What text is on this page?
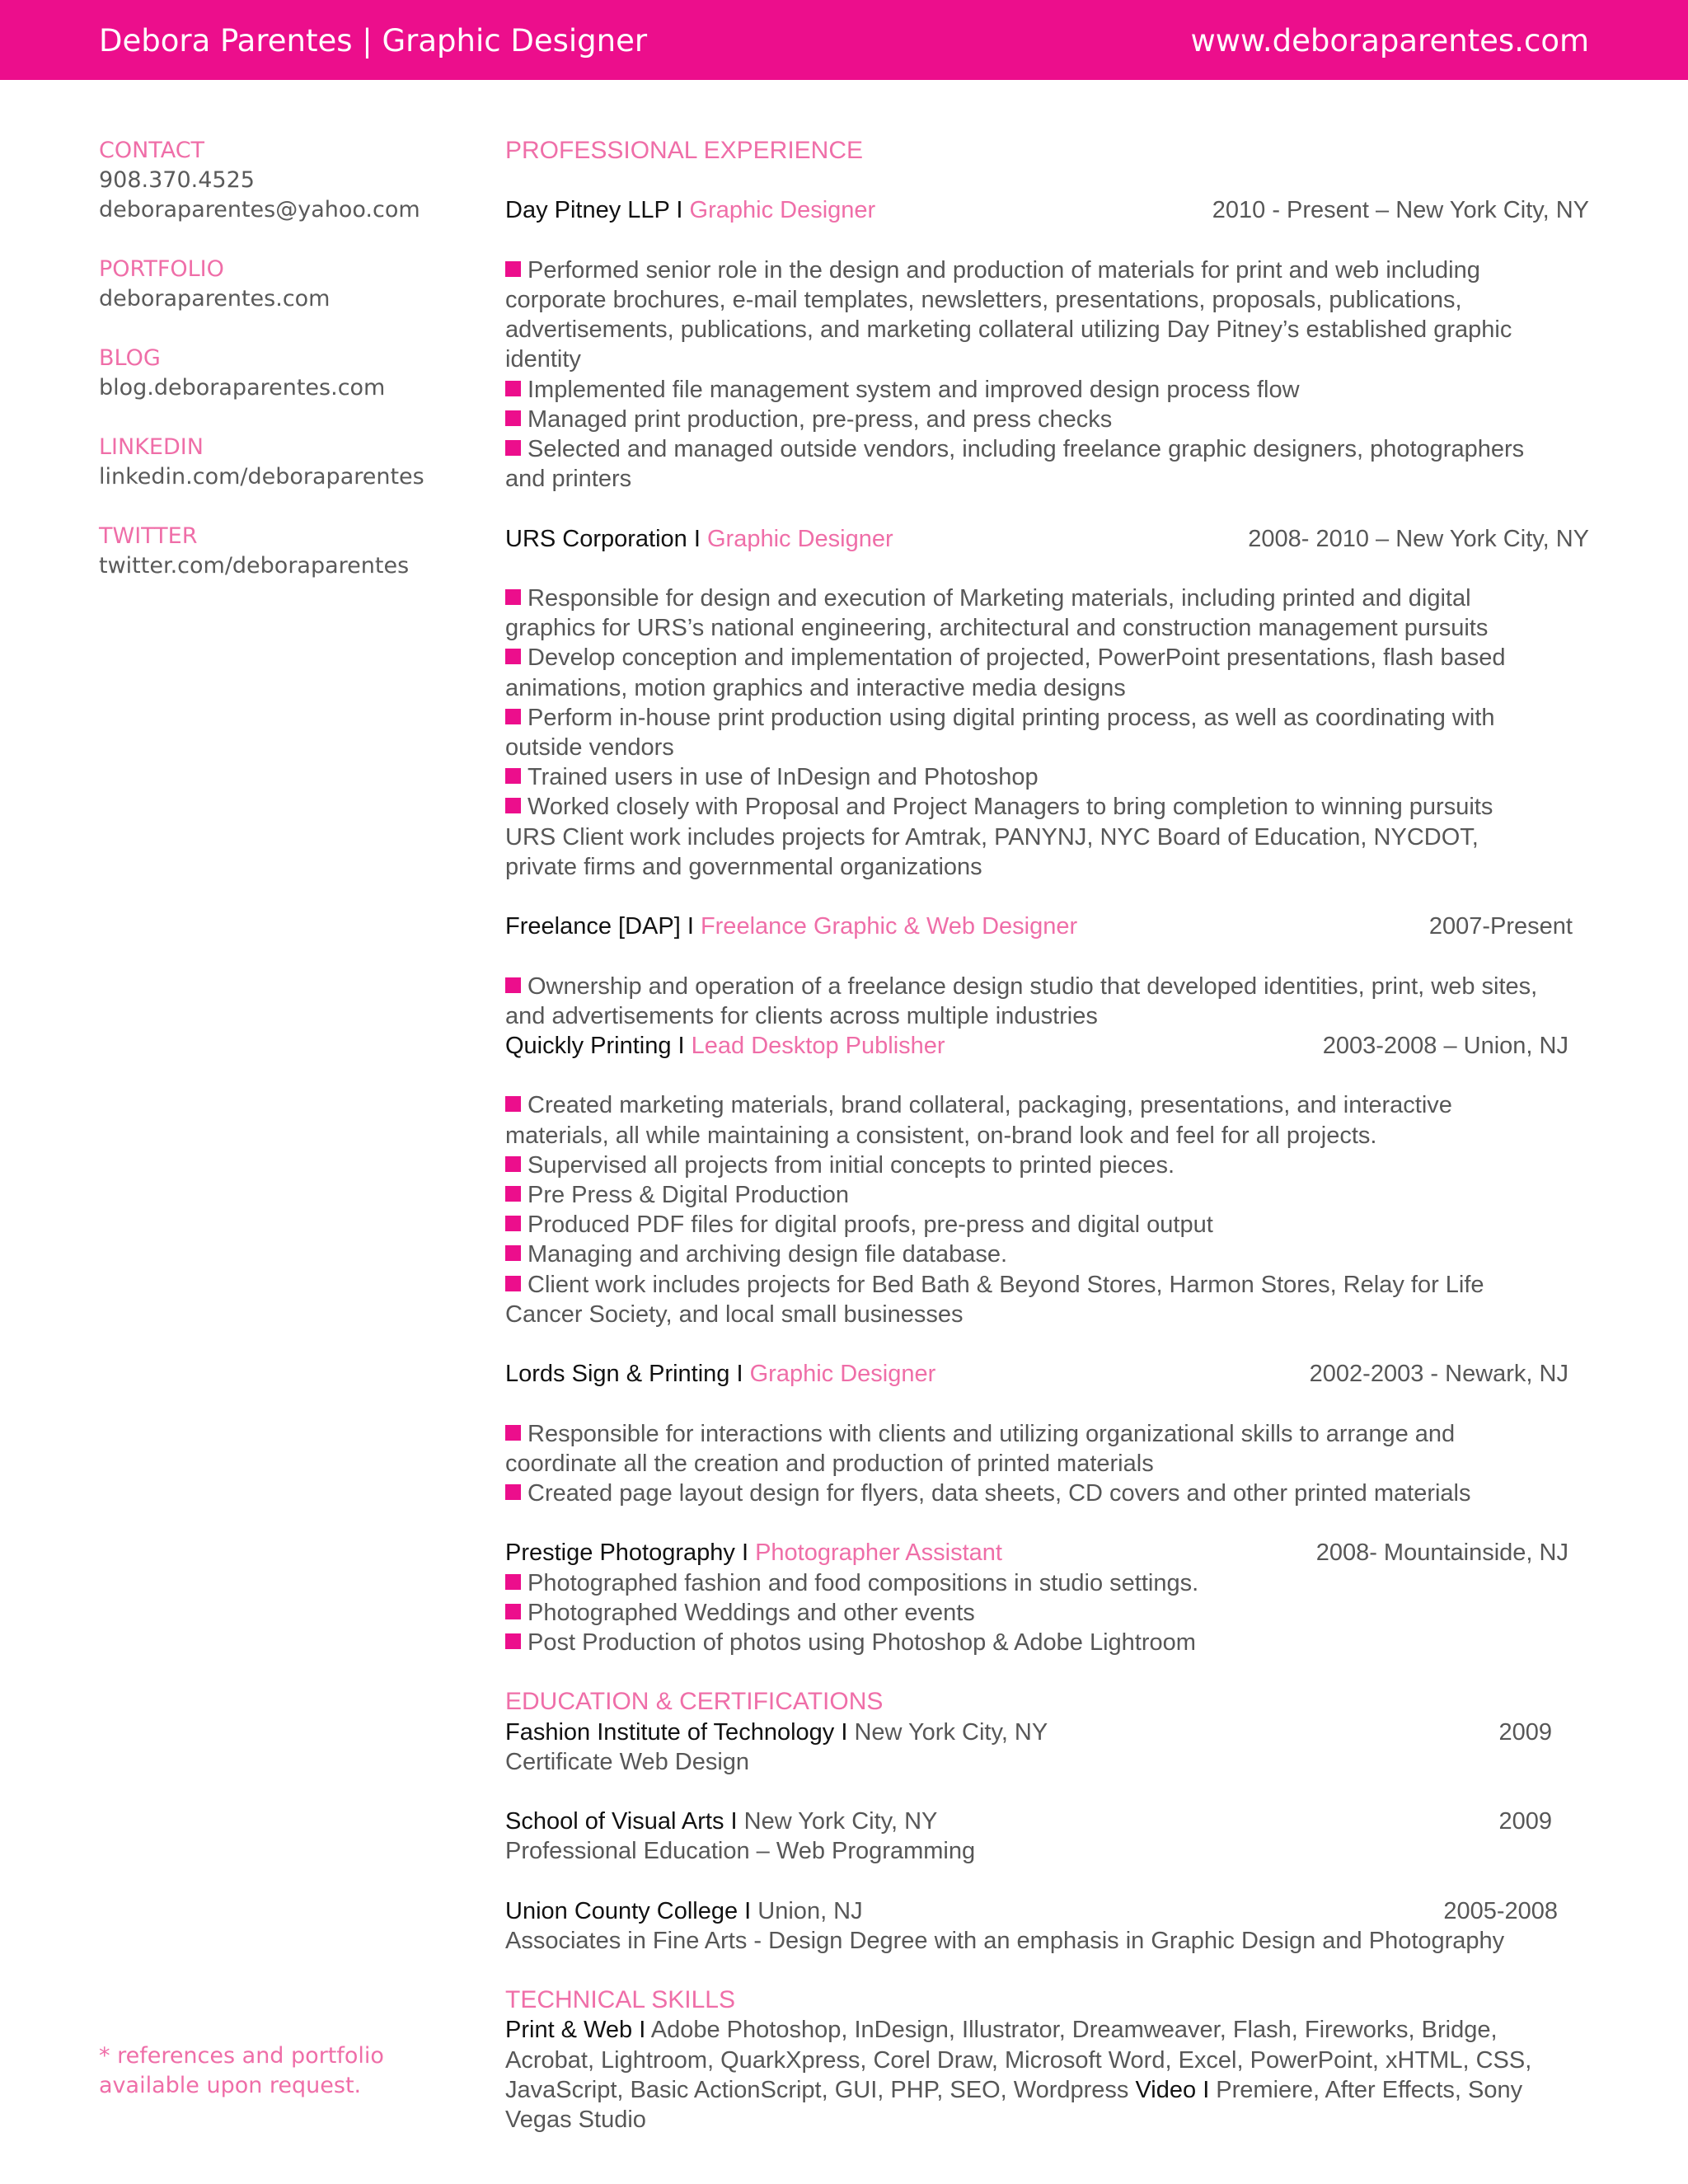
Debora Parentes | Graphic Designer	www.deboraparentes.com
CONTACT
908.370.4525
deboraparentes@yahoo.com
PORTFOLIO
deboraparentes.com
BLOG
blog.deboraparentes.com
LINKEDIN
linkedin.com/deboraparentes
TWITTER
twitter.com/deboraparentes
* references and portfolio
available upon request.
PROFESSIONAL EXPERIENCE
Day Pitney LLP I Graphic Designer	2010 - Present – New York City, NY
Performed senior role in the design and production of materials for print and web including
corporate brochures, e-mail templates, newsletters, presentations, proposals, publications,
advertisements, publications, and marketing collateral utilizing Day Pitney’s established graphic
identity
Implemented file management system and improved design process flow
Managed print production, pre-press, and press checks
Selected and managed outside vendors, including freelance graphic designers, photographers
and printers
URS Corporation I Graphic Designer	2008- 2010 – New York City, NY
Responsible for design and execution of Marketing materials, including printed and digital
graphics for URS’s national engineering, architectural and construction management pursuits
Develop conception and implementation of projected, PowerPoint presentations, flash based
animations, motion graphics and interactive media designs
Perform in-house print production using digital printing process, as well as coordinating with
outside vendors
Trained users in use of InDesign and Photoshop
Worked closely with Proposal and Project Managers to bring completion to winning pursuits
URS Client work includes projects for Amtrak, PANYNJ, NYC Board of Education, NYCDOT,
private firms and governmental organizations
Freelance [DAP] I Freelance Graphic & Web Designer	2007-Present
Ownership and operation of a freelance design studio that developed identities, print, web sites,
and advertisements for clients across multiple industries
Quickly Printing I Lead Desktop Publisher	2003-2008 – Union, NJ
Created marketing materials, brand collateral, packaging, presentations, and interactive
materials, all while maintaining a consistent, on-brand look and feel for all projects.
Supervised all projects from initial concepts to printed pieces.
Pre Press & Digital Production
Produced PDF files for digital proofs, pre-press and digital output
Managing and archiving design file database.
Client work includes projects for Bed Bath & Beyond Stores, Harmon Stores, Relay for Life
Cancer Society, and local small businesses
Lords Sign & Printing I Graphic Designer	2002-2003 - Newark, NJ
Responsible for interactions with clients and utilizing organizational skills to arrange and
coordinate all the creation and production of printed materials
Created page layout design for flyers, data sheets, CD covers and other printed materials
Prestige Photography I Photographer Assistant	2008- Mountainside, NJ
Photographed fashion and food compositions in studio settings.
Photographed Weddings and other events
Post Production of photos using Photoshop & Adobe Lightroom
EDUCATION & CERTIFICATIONS
Fashion Institute of Technology I New York City, NY	2009
Certificate Web Design
School of Visual Arts I New York City, NY	2009
Professional Education – Web Programming
Union County College I Union, NJ	2005-2008
Associates in Fine Arts - Design Degree with an emphasis in Graphic Design and Photography
TECHNICAL SKILLS
Print & Web I Adobe Photoshop, InDesign, Illustrator, Dreamweaver, Flash, Fireworks, Bridge,
Acrobat, Lightroom, QuarkXpress, Corel Draw, Microsoft Word, Excel, PowerPoint, xHTML, CSS,
JavaScript, Basic ActionScript, GUI, PHP, SEO, Wordpress Video I Premiere, After Effects, Sony
Vegas Studio
